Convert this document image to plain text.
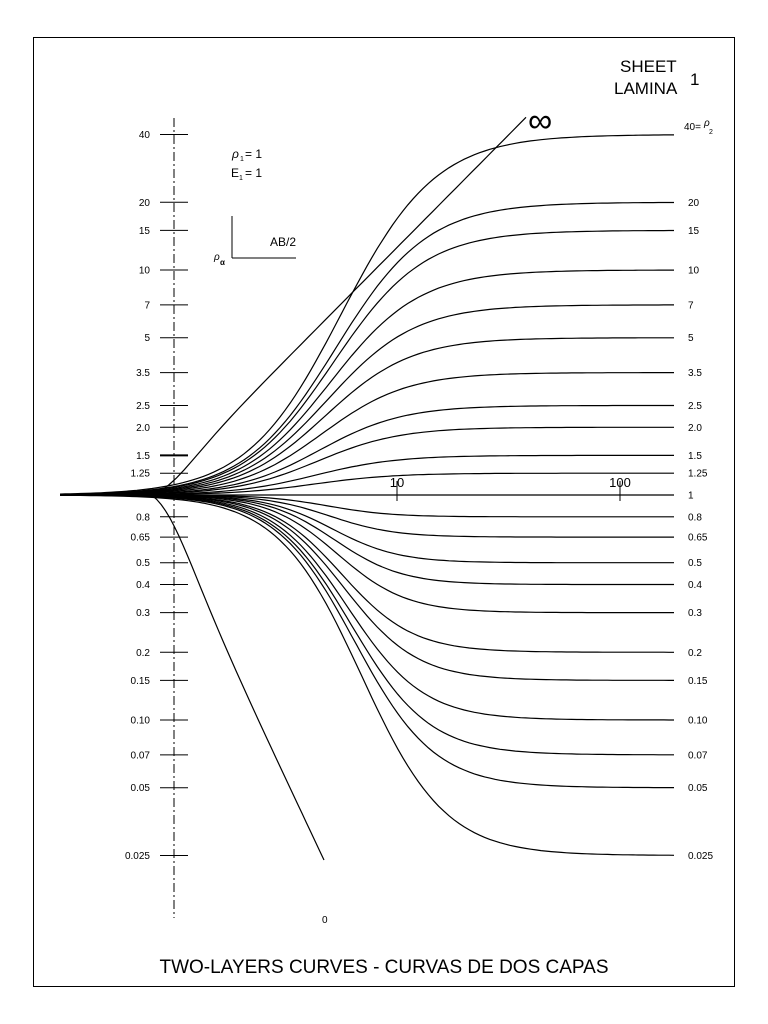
SHEET
LAMINA 1
ρ 1 = 1
E 1 = 1
ρ α
AB/2
40
20
15
10
7
5
3.5
2.5
2.0
1.5
1.25
0.8
0.65
0.5
0.4
0.3
0.2
0.15
0.10
0.07
0.05
0.025
10	100
20
15
10
7
5
3.5
2.5
2.0
1.5
1.25
1
0.8
0.65
0.5
0.4
0.3
0.2
0.15
0.10
0.07
0.05
0.025
40= ρ
2
∞
0
TWO-LAYERS CURVES - CURVAS DE DOS CAPAS
